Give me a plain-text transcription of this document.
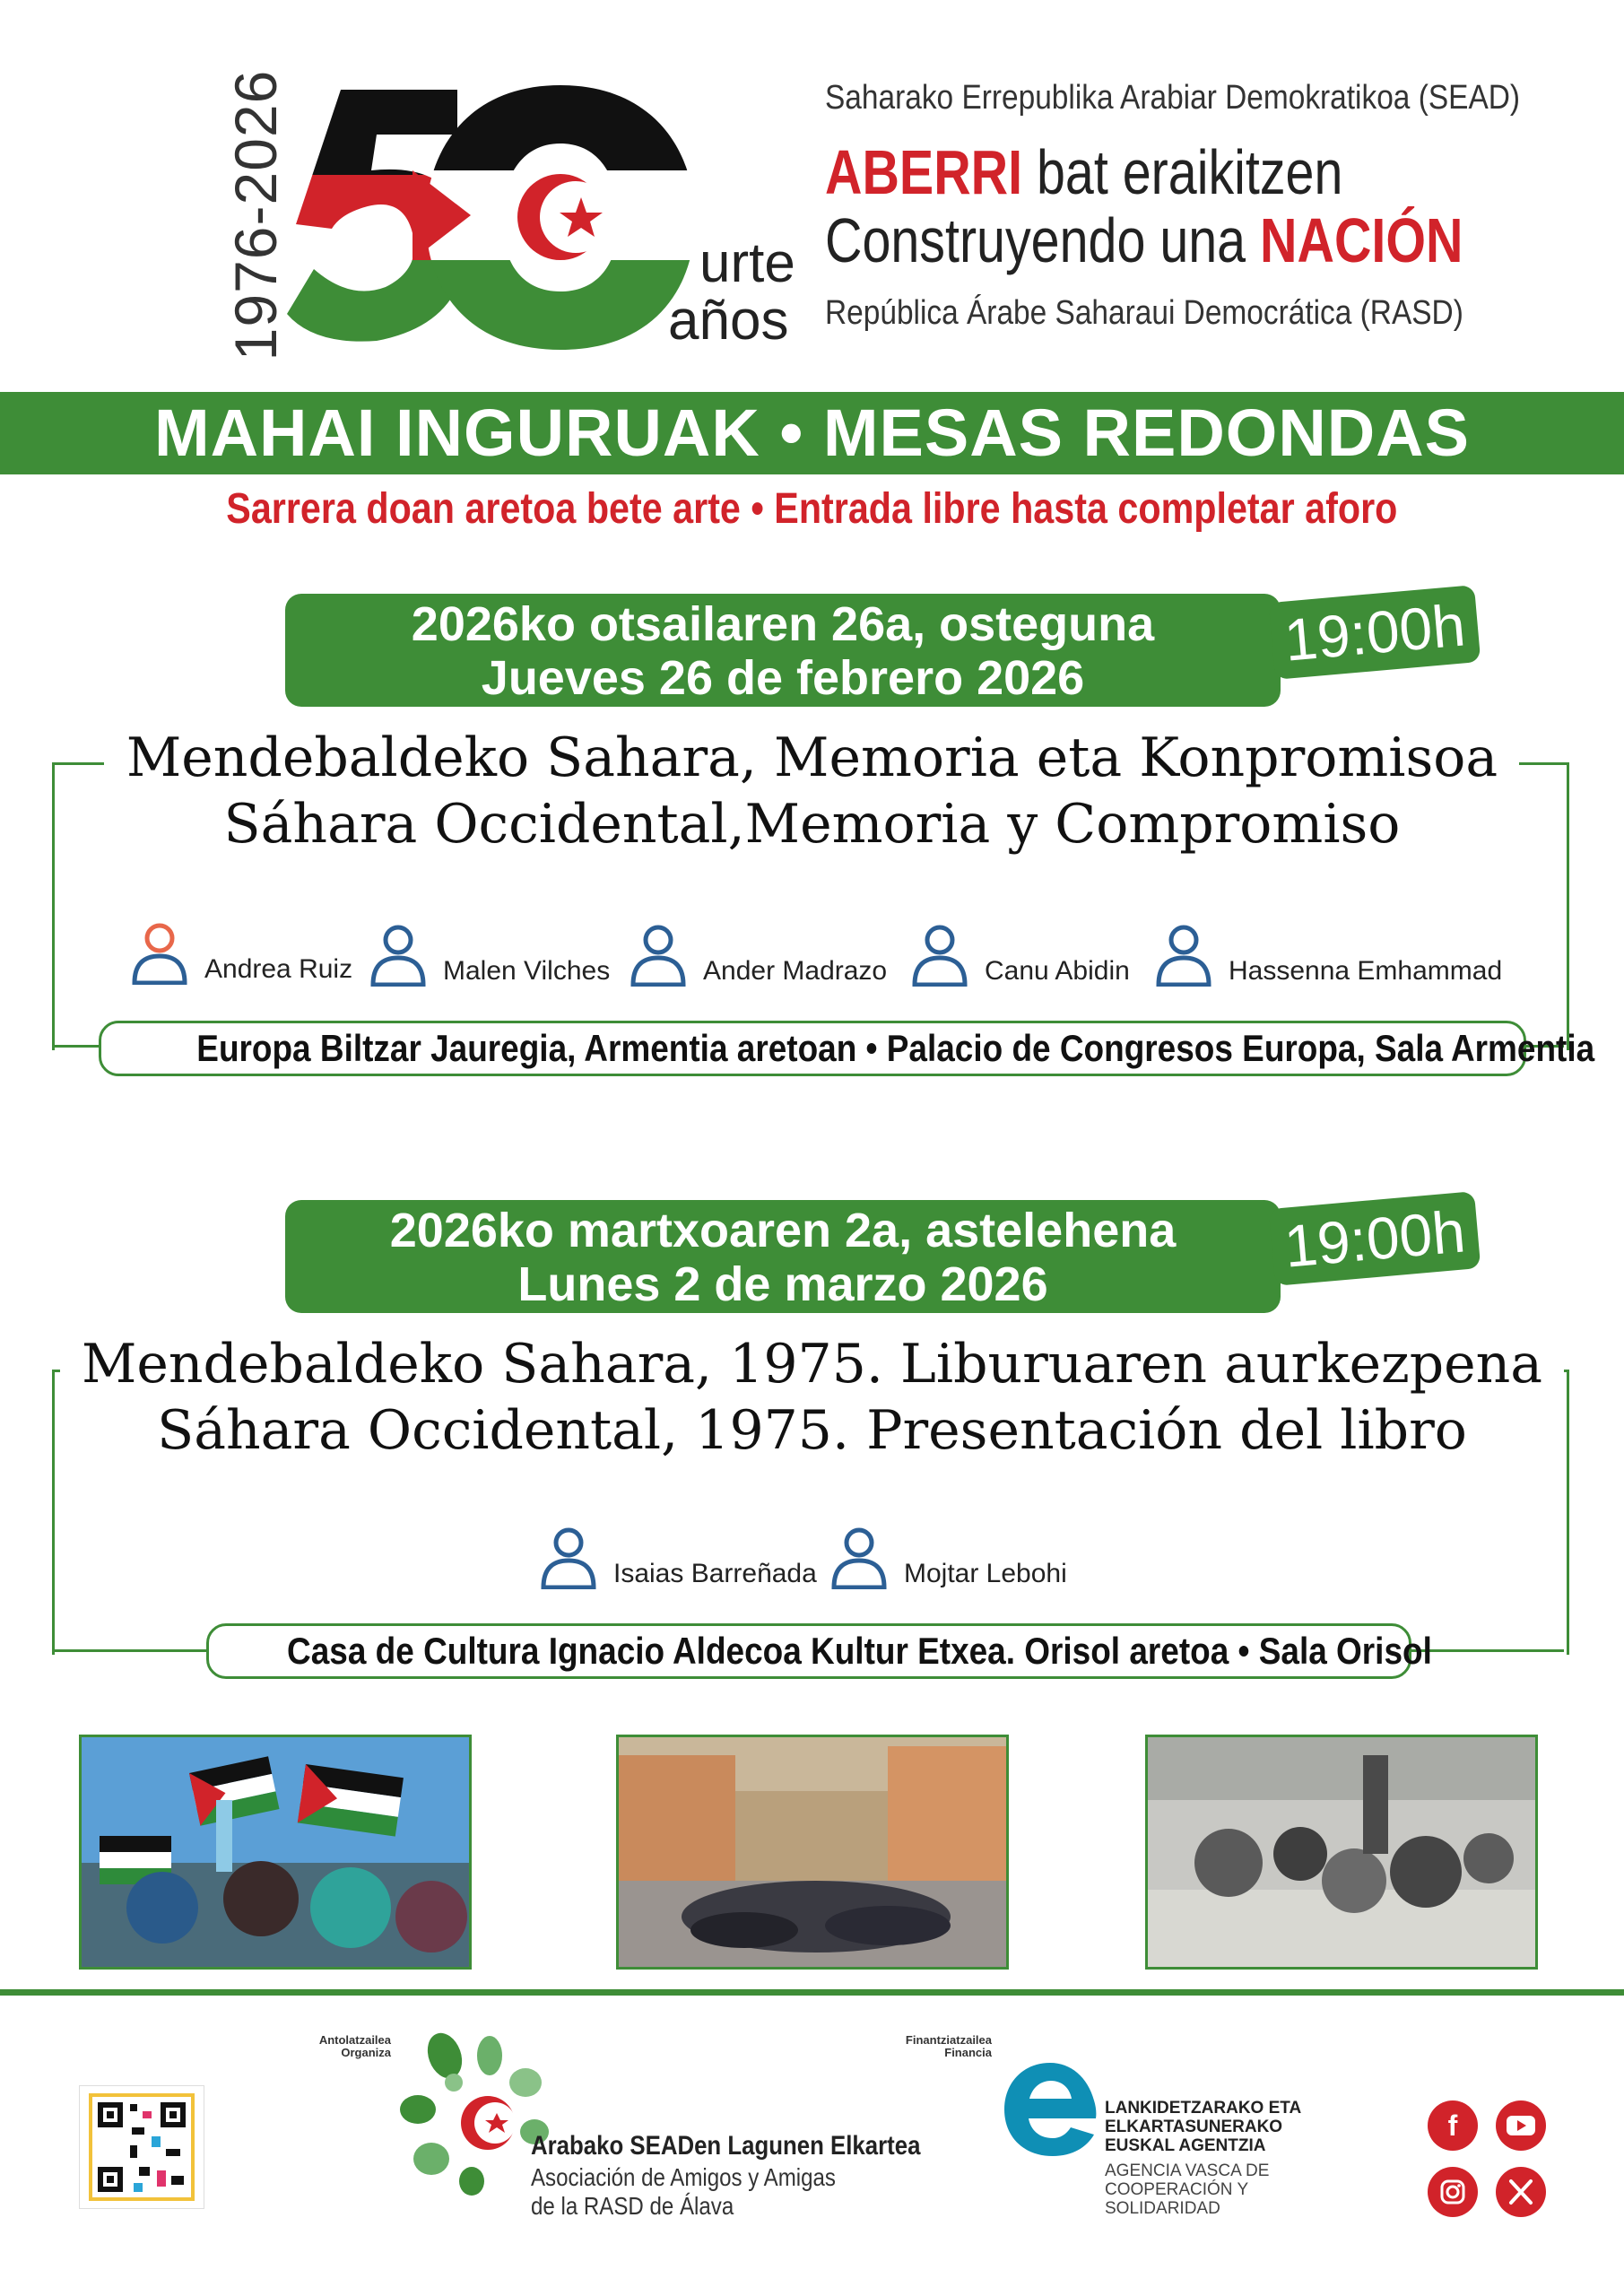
1976-2026	urte
años
Saharako Errepublika Arabiar Demokratikoa (SEAD)
ABERRI bat eraikitzen
Construyendo una NACIÓN
República Árabe Saharaui Democrática (RASD)
MAHAI INGURUAK • MESAS REDONDAS
Sarrera doan aretoa bete arte • Entrada libre hasta completar aforo
2026ko otsailaren 26a, osteguna
Jueves 26 de febrero 2026
19:00h
Mendebaldeko Sahara, Memoria eta Konpromisoa
Sáhara Occidental,Memoria y Compromiso
Andrea Ruiz	Malen Vilches	Ander Madrazo	Canu Abidin	Hassenna Emhammad
Europa Biltzar Jauregia, Armentia aretoan • Palacio de Congresos Europa, Sala Armentia
2026ko martxoaren 2a, astelehena
Lunes 2 de marzo 2026
19:00h
Mendebaldeko Sahara, 1975. Liburuaren aurkezpena
Sáhara Occidental, 1975. Presentación del libro
Isaias Barreñada	Mojtar Lebohi
Casa de Cultura Ignacio Aldecoa Kultur Etxea. Orisol aretoa • Sala Orisol
Antolatzailea
Organiza
Arabako SEADen Lagunen Elkartea
Asociación de Amigos y Amigas
de la RASD de Álava
Finantziatzailea
Financia
LANKIDETZARAKO ETA
ELKARTASUNERAKO
EUSKAL AGENTZIA
AGENCIA VASCA DE
COOPERACIÓN Y
SOLIDARIDAD
f
